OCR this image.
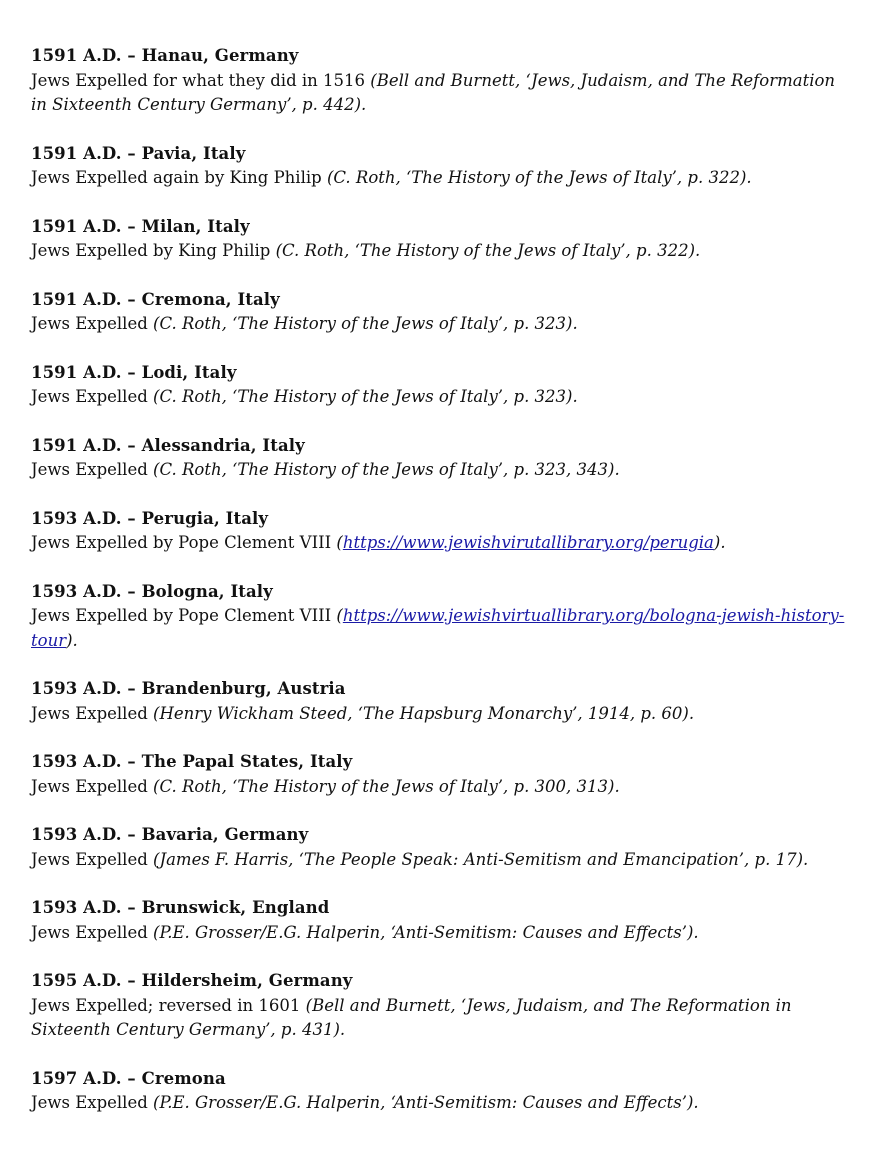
1591 A.D. – Hanau, Germany
Jews Expelled for what they did in 1516 (Bell and Burnett, ‘Jews, Judaism, and The Reformation in Sixteenth Century Germany’, p. 442).
1591 A.D. – Pavia, Italy
Jews Expelled again by King Philip (C. Roth, ‘The History of the Jews of Italy’, p. 322).
1591 A.D. – Milan, Italy
Jews Expelled by King Philip (C. Roth, ‘The History of the Jews of Italy’, p. 322).
1591 A.D. – Cremona, Italy
Jews Expelled (C. Roth, ‘The History of the Jews of Italy’, p. 323).
1591 A.D. – Lodi, Italy
Jews Expelled (C. Roth, ‘The History of the Jews of Italy’, p. 323).
1591 A.D. – Alessandria, Italy
Jews Expelled (C. Roth, ‘The History of the Jews of Italy’, p. 323, 343).
1593 A.D. – Perugia, Italy
Jews Expelled by Pope Clement VIII (https://www.jewishvirutallibrary.org/perugia).
1593 A.D. – Bologna, Italy
Jews Expelled by Pope Clement VIII (https://www.jewishvirtuallibrary.org/bologna-jewish-history-tour).
1593 A.D. – Brandenburg, Austria
Jews Expelled (Henry Wickham Steed, ‘The Hapsburg Monarchy’, 1914, p. 60).
1593 A.D. – The Papal States, Italy
Jews Expelled (C. Roth, ‘The History of the Jews of Italy’, p. 300, 313).
1593 A.D. – Bavaria, Germany
Jews Expelled (James F. Harris, ‘The People Speak: Anti-Semitism and Emancipation’, p. 17).
1593 A.D. – Brunswick, England
Jews Expelled (P.E. Grosser/E.G. Halperin, ‘Anti-Semitism: Causes and Effects’).
1595 A.D. – Hildersheim, Germany
Jews Expelled; reversed in 1601 (Bell and Burnett, ‘Jews, Judaism, and The Reformation in Sixteenth Century Germany’, p. 431).
1597 A.D. – Cremona
Jews Expelled (P.E. Grosser/E.G. Halperin, ‘Anti-Semitism: Causes and Effects’).
